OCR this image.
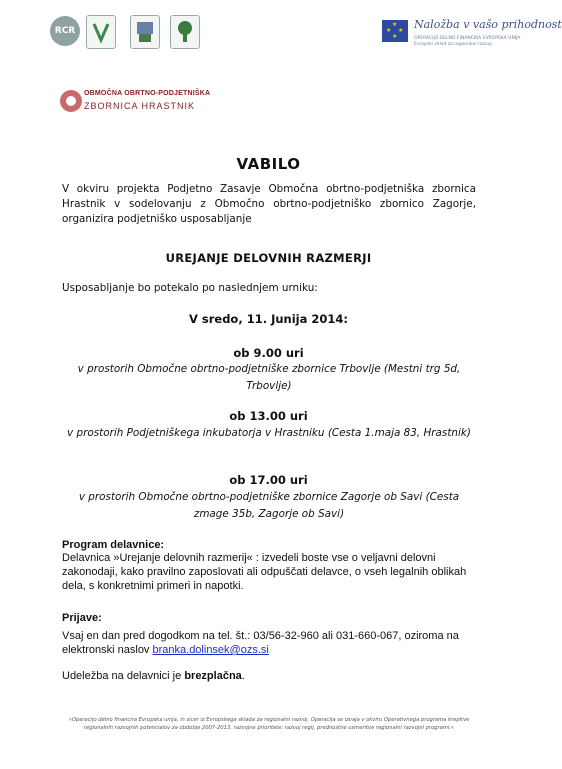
RCR
★
★ ★
★
Naložba v vašo prihodnost
OPERACIJO DELNO FINANCIRA EVROPSKA UNIJA
Evropski sklad za regionalni razvoj
OBMOČNA OBRTNO-PODJETNIŠKA
ZBORNICA HRASTNIK
VABILO
V okviru projekta Podjetno Zasavje Območna obrtno-podjetniška zbornica Hrastnik v sodelovanju z Območno obrtno-podjetniško zbornico Zagorje, organizira podjetniško usposabljanje
UREJANJE DELOVNIH RAZMERJI
Usposabljanje bo potekalo po naslednjem urniku:
V sredo, 11. Junija 2014:
ob 9.00 uri
v prostorih Območne obrtno-podjetniške zbornice Trbovlje (Mestni trg 5d, Trbovlje)
ob 13.00 uri
v prostorih Podjetniškega inkubatorja v Hrastniku (Cesta 1.maja 83, Hrastnik)
ob 17.00 uri
v prostorih Območne obrtno-podjetniške zbornice Zagorje ob Savi (Cesta zmage 35b, Zagorje ob Savi)
Program delavnice:
Delavnica »Urejanje delovnih razmerij« : izvedeli boste vse o veljavni delovni zakonodaji, kako pravilno zaposlovati ali odpuščati delavce, o vseh legalnih oblikah dela, s konkretnimi primeri in napotki.
Prijave:
Vsaj en dan pred dogodkom na tel. št.: 03/56-32-960 ali 031-660-067, oziroma na elektronski naslov branka.dolinsek@ozs.si
Udeležba na delavnici je brezplačna.
»Operacijo delno financira Evropska unija, in sicer iz Evropskega sklada za regionalni razvoj. Operacija se izvaja v okviru Operativnega programa krepitve regionalnih razvojnih potencialov za obdobje 2007-2013, razvojne prioritete: razvoj regij, prednostne usmeritve regionalni razvojni programi.«
